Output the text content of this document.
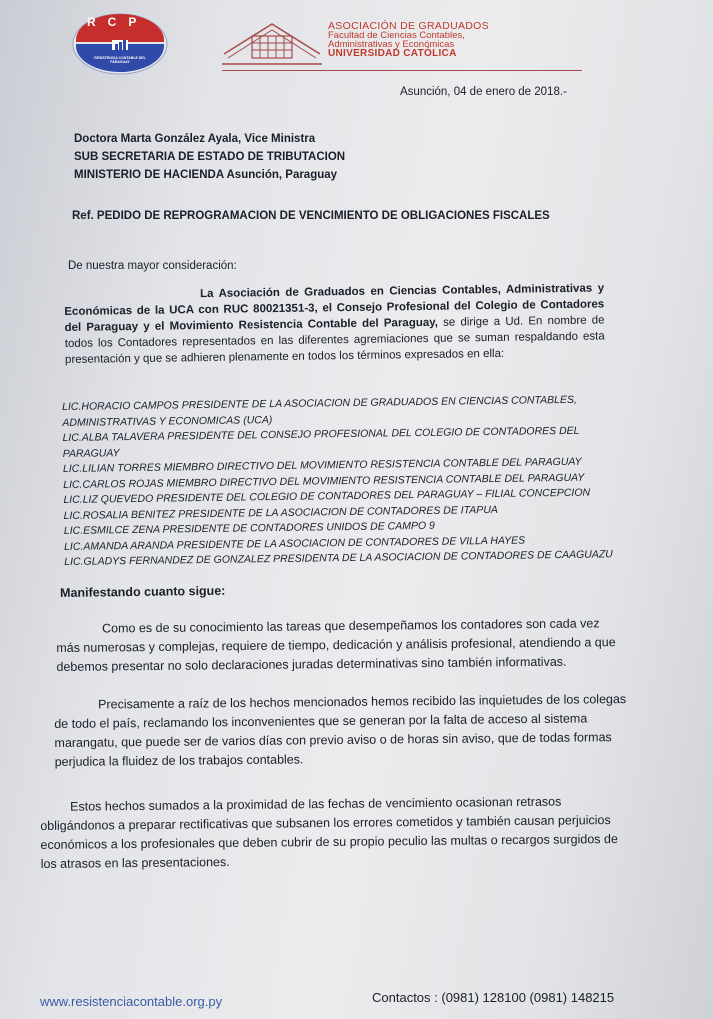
RCP
RESISTENCIA CONTABLE DEL PARAGUAY
ASOCIACIÓN DE GRADUADOS
Facultad de Ciencias Contables,
Administrativas y Económicas
UNIVERSIDAD CATÓLICA
Asunción, 04 de enero de 2018.-
Doctora Marta González Ayala, Vice Ministra
SUB SECRETARIA DE ESTADO DE TRIBUTACION
MINISTERIO DE HACIENDA Asunción, Paraguay
Ref. PEDIDO DE REPROGRAMACION DE VENCIMIENTO DE OBLIGACIONES FISCALES
De nuestra mayor consideración:
La Asociación de Graduados en Ciencias Contables, Administrativas y Económicas de la UCA con RUC 80021351-3, el Consejo Profesional del Colegio de Contadores del Paraguay y el Movimiento Resistencia Contable del Paraguay, se dirige a Ud. En nombre de todos los Contadores representados en las diferentes agremiaciones que se suman respaldando esta presentación y que se adhieren plenamente en todos los términos expresados en ella:
LIC.HORACIO CAMPOS PRESIDENTE DE LA ASOCIACION DE GRADUADOS EN CIENCIAS CONTABLES,
ADMINISTRATIVAS Y ECONOMICAS (UCA)
LIC.ALBA TALAVERA PRESIDENTE DEL CONSEJO PROFESIONAL DEL COLEGIO DE CONTADORES DEL
PARAGUAY
LIC.LILIAN TORRES MIEMBRO DIRECTIVO DEL MOVIMIENTO RESISTENCIA CONTABLE DEL PARAGUAY
LIC.CARLOS ROJAS MIEMBRO DIRECTIVO DEL MOVIMIENTO RESISTENCIA CONTABLE DEL PARAGUAY
LIC.LIZ QUEVEDO PRESIDENTE DEL COLEGIO DE CONTADORES DEL PARAGUAY – FILIAL CONCEPCION
LIC.ROSALIA BENITEZ PRESIDENTE DE LA ASOCIACION DE CONTADORES DE ITAPUA
LIC.ESMILCE ZENA PRESIDENTE DE CONTADORES UNIDOS DE CAMPO 9
LIC.AMANDA ARANDA PRESIDENTE DE LA ASOCIACION DE CONTADORES DE VILLA HAYES
LIC.GLADYS FERNANDEZ DE GONZALEZ PRESIDENTA DE LA ASOCIACION DE CONTADORES DE CAAGUAZU
Manifestando cuanto sigue:
Como es de su conocimiento las tareas que desempeñamos los contadores son cada vez más numerosas y complejas, requiere de tiempo, dedicación y análisis profesional, atendiendo a que debemos presentar no solo declaraciones juradas determinativas sino también informativas.
Precisamente a raíz de los hechos mencionados hemos recibido las inquietudes de los colegas de todo el país, reclamando los inconvenientes que se generan por la falta de acceso al sistema marangatu, que puede ser de varios días con previo aviso o de horas sin aviso, que de todas formas perjudica la fluidez de los trabajos contables.
Estos hechos sumados a la proximidad de las fechas de vencimiento ocasionan retrasos obligándonos a preparar rectificativas que subsanen los errores cometidos y también causan perjuicios económicos a los profesionales que deben cubrir de su propio peculio las multas o recargos surgidos de los atrasos en las presentaciones.
www.resistenciacontable.org.py	Contactos : (0981) 128100 (0981) 148215
